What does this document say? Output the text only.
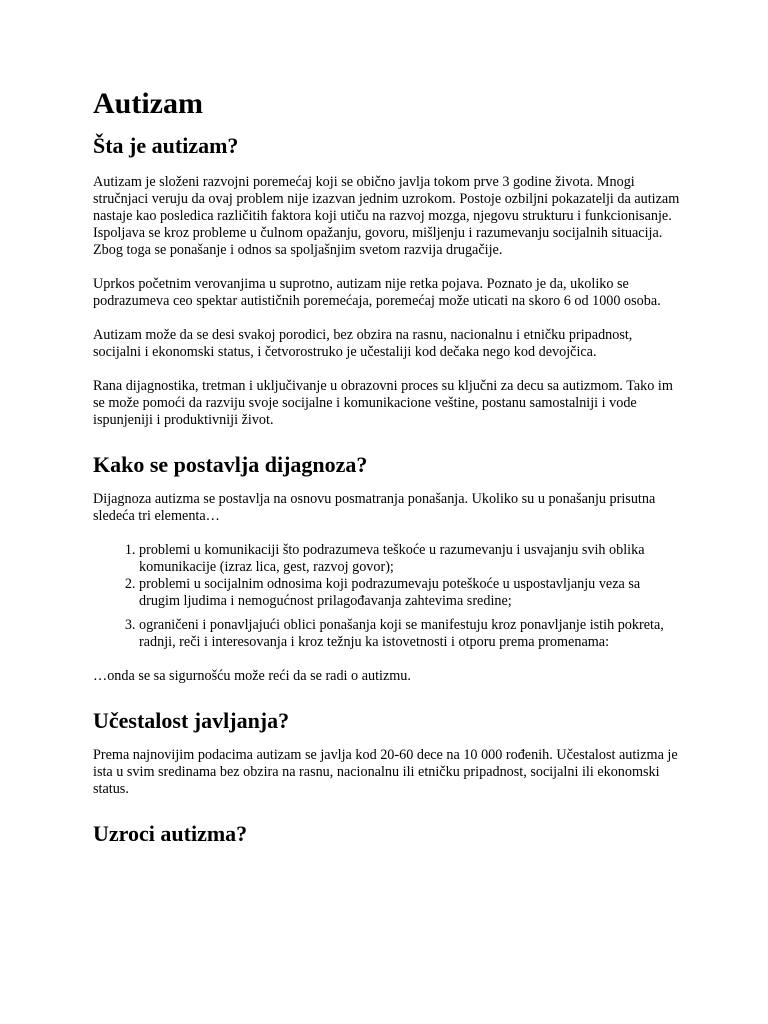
Autizam
Šta je autizam?

Autizam je složeni razvojni poremećaj koji se obično javlja tokom prve 3 godine života. Mnogi stručnjaci veruju da ovaj problem nije izazvan jednim uzrokom. Postoje ozbiljni pokazatelji da autizam nastaje kao posledica različitih faktora koji utiču na razvoj mozga, njegovu strukturu i funkcionisanje. Ispoljava se kroz probleme u čulnom opažanju, govoru, mišljenju i razumevanju socijalnih situacija. Zbog toga se ponašanje i odnos sa spoljašnjim svetom razvija drugačije.

Uprkos početnim verovanjima u suprotno, autizam nije retka pojava. Poznato je da, ukoliko se podrazumeva ceo spektar autističnih poremećaja, poremećaj može uticati na skoro 6 od 1000 osoba.

Autizam može da se desi svakoj porodici, bez obzira na rasnu, nacionalnu i etničku pripadnost, socijalni i ekonomski status, i četvorostruko je učestaliji kod dečaka nego kod devojčica.

Rana dijagnostika, tretman i uključivanje u obrazovni proces su ključni za decu sa autizmom. Tako im se može pomoći da razviju svoje socijalne i komunikacione veštine, postanu samostalniji i vode ispunjeniji i produktivniji život.

Kako se postavlja dijagnoza?

Dijagnoza autizma se postavlja na osnovu posmatranja ponašanja. Ukoliko su u ponašanju prisutna sledeća tri elementa…

1. problemi u komunikaciji što podrazumeva teškoće u razumevanju i usvajanju svih oblika komunikacije (izraz lica, gest, razvoj govor);
2. problemi u socijalnim odnosima koji podrazumevaju poteškoće u uspostavljanju veza sa drugim ljudima i nemogućnost prilagođavanja zahtevima sredine;
3. ograničeni i ponavljajući oblici ponašanja koji se manifestuju kroz ponavljanje istih pokreta, radnji, reči i interesovanja i kroz težnju ka istovetnosti i otporu prema promenama:

…onda se sa sigurnošću može reći da se radi o autizmu.

Učestalost javljanja?

Prema najnovijim podacima autizam se javlja kod 20-60 dece na 10 000 rođenih. Učestalost autizma je ista u svim sredinama bez obzira na rasnu, nacionalnu ili etničku pripadnost, socijalni ili ekonomski status.

Uzroci autizma?
